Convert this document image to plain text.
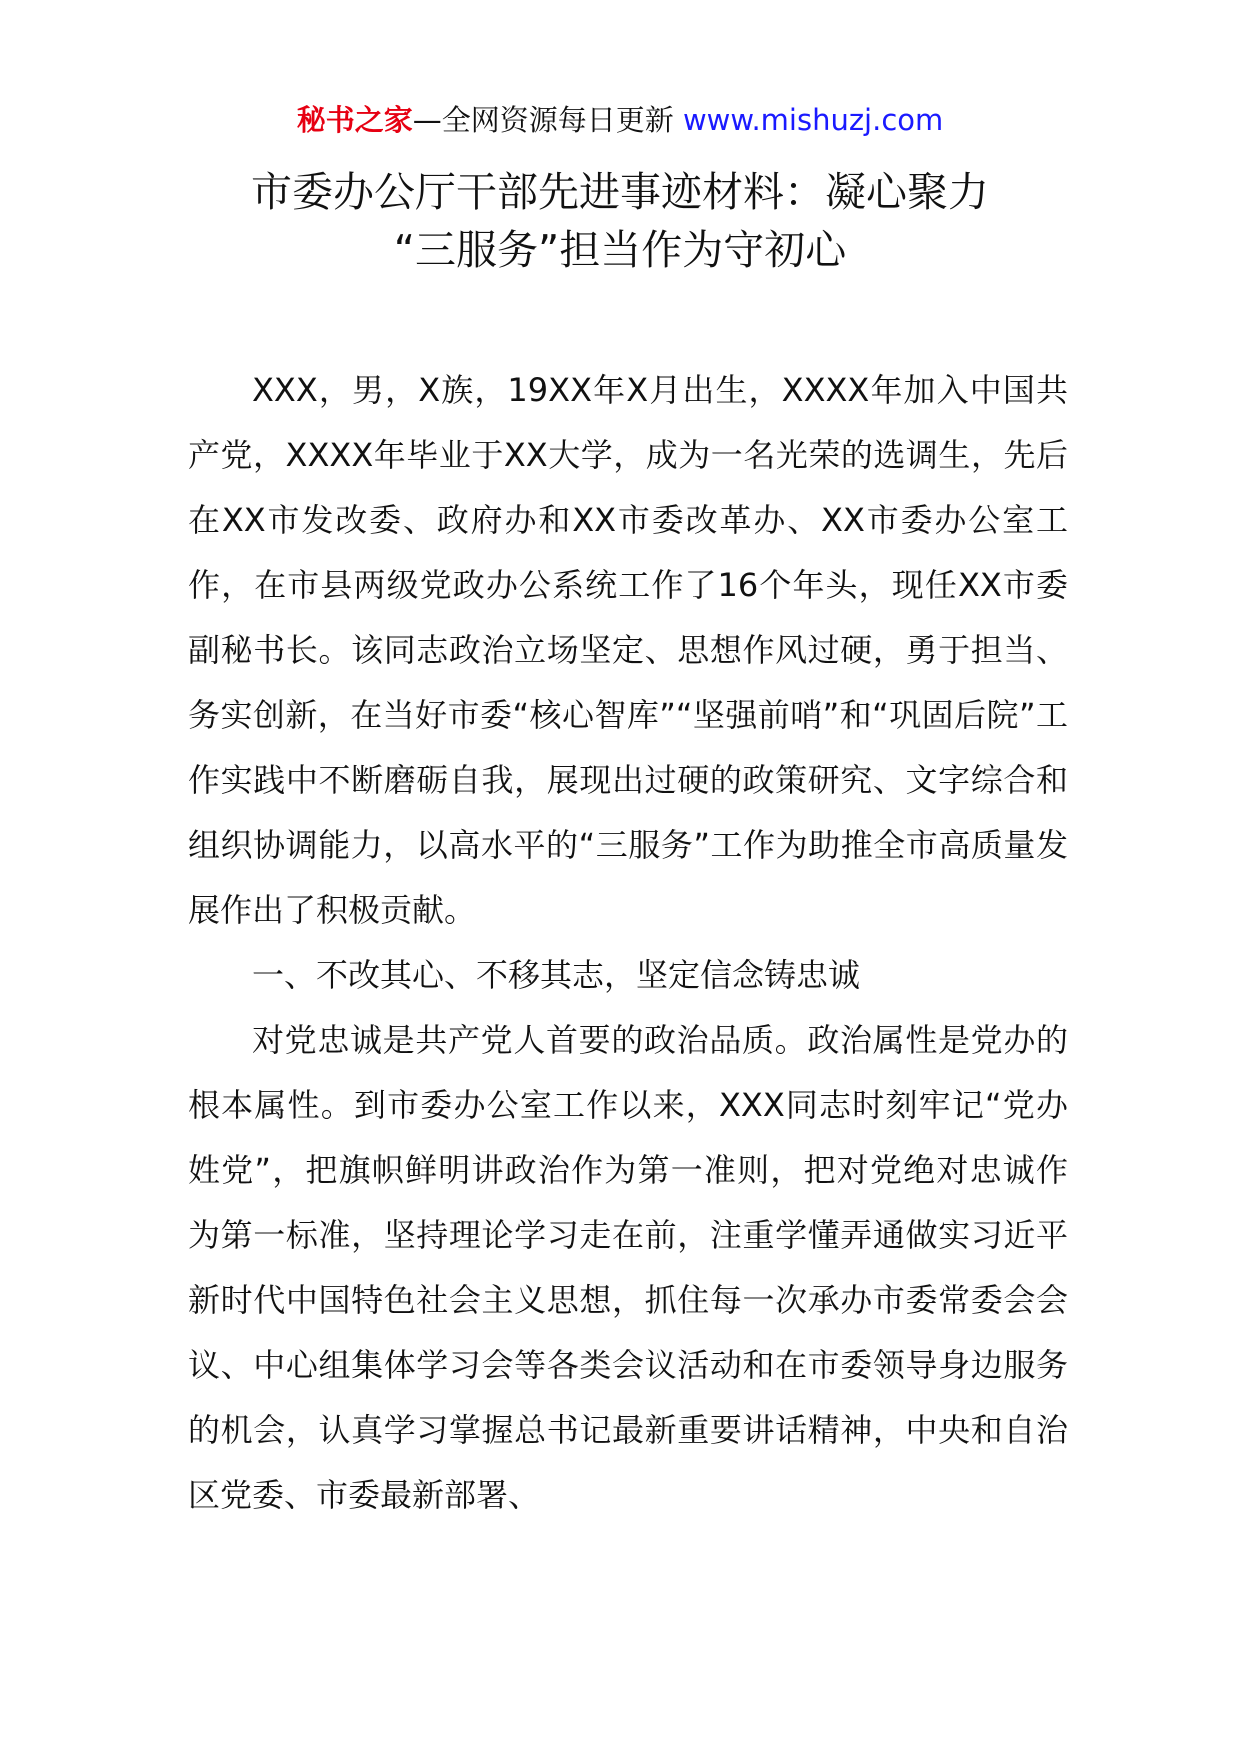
秘书之家—全网资源每日更新 www.mishuzj.com
市委办公厅干部先进事迹材料：凝心聚力
“三服务”担当作为守初心

XXX，男，X族，19XX年X月出生，XXXX年加入中国共产党，XXXX年毕业于XX大学，成为一名光荣的选调生，先后在XX市发改委、政府办和XX市委改革办、XX市委办公室工作，在市县两级党政办公系统工作了16个年头，现任XX市委副秘书长。该同志政治立场坚定、思想作风过硬，勇于担当、务实创新，在当好市委“核心智库”“坚强前哨”和“巩固后院”工作实践中不断磨砺自我，展现出过硬的政策研究、文字综合和组织协调能力，以高水平的“三服务”工作为助推全市高质量发展作出了积极贡献。

一、不改其心、不移其志，坚定信念铸忠诚

对党忠诚是共产党人首要的政治品质。政治属性是党办的根本属性。到市委办公室工作以来，XXX同志时刻牢记“党办姓党”，把旗帜鲜明讲政治作为第一准则，把对党绝对忠诚作为第一标准，坚持理论学习走在前，注重学懂弄通做实习近平新时代中国特色社会主义思想，抓住每一次承办市委常委会会议、中心组集体学习会等各类会议活动和在市委领导身边服务的机会，认真学习掌握总书记最新重要讲话精神，中央和自治区党委、市委最新部署、
